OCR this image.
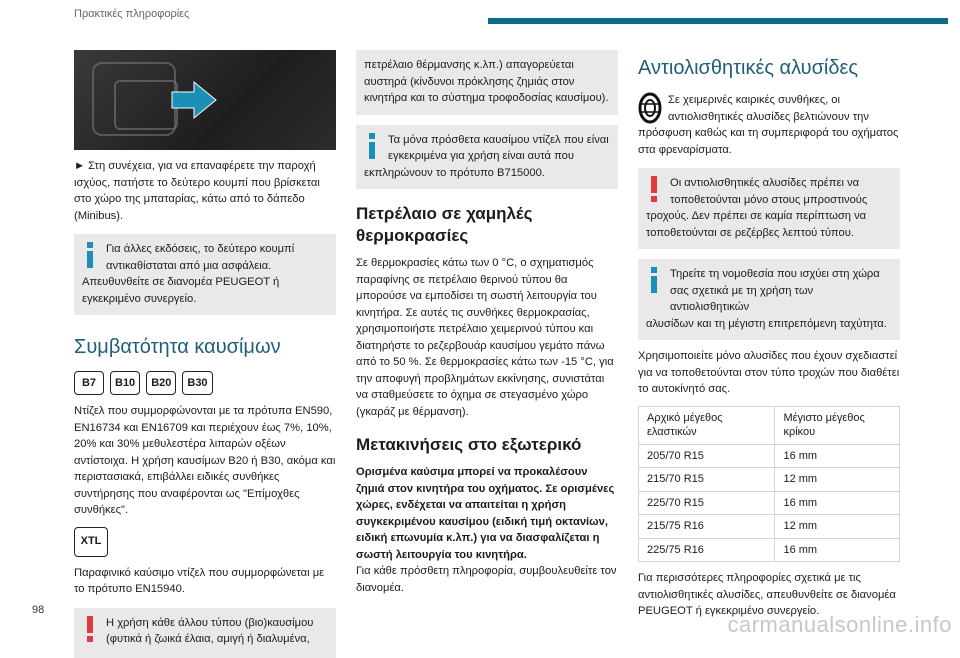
Πρακτικές πληροφορίες

► Στη συνέχεια, για να επαναφέρετε την παροχή ισχύος, πατήστε το δεύτερο κουμπί που βρίσκεται στο χώρο της μπαταρίας, κάτω από το δάπεδο (Minibus).

Για άλλες εκδόσεις, το δεύτερο κουμπί αντικαθίσταται από μια ασφάλεια.

Απευθυνθείτε σε διανομέα PEUGEOT ή εγκεκριμένο συνεργείο.

Συμβατότητα καυσίμων
B7	B10	B20	B30

Ντίζελ που συμμορφώνονται με τα πρότυπα EN590, EN16734 και EN16709 και περιέχουν έως 7%, 10%, 20% και 30% μεθυλεστέρα λιπαρών οξέων αντίστοιχα. Η χρήση καυσίμων B20 ή B30, ακόμα και περιστασιακά, επιβάλλει ειδικές συνθήκες συντήρησης που αναφέρονται ως "Επίμοχθες συνθήκες".

XTL

Παραφινικό καύσιμο ντίζελ που συμμορφώνεται με το πρότυπο EN15940.

Η χρήση κάθε άλλου τύπου (βιο)καυσίμου (φυτικά ή ζωικά έλαια, αμιγή ή διαλυμένα,

πετρέλαιο θέρμανσης κ.λπ.) απαγορεύεται αυστηρά (κίνδυνοι πρόκλησης ζημιάς στον κινητήρα και το σύστημα τροφοδοσίας καυσίμου).

Τα μόνα πρόσθετα καυσίμου ντίζελ που είναι εγκεκριμένα για χρήση είναι αυτά που

εκπληρώνουν το πρότυπο B715000.

Πετρέλαιο σε χαμηλές θερμοκρασίες

Σε θερμοκρασίες κάτω των 0 °C, ο σχηματισμός παραφίνης σε πετρέλαιο θερινού τύπου θα μπορούσε να εμποδίσει τη σωστή λειτουργία του κινητήρα. Σε αυτές τις συνθήκες θερμοκρασίας, χρησιμοποιήστε πετρέλαιο χειμερινού τύπου και διατηρήστε το ρεζερβουάρ καυσίμου γεμάτο πάνω από το 50 %. Σε θερμοκρασίες κάτω των -15 °C, για την αποφυγή προβλημάτων εκκίνησης, συνιστάται να σταθμεύσετε το όχημα σε στεγασμένο χώρο (γκαράζ με θέρμανση).

Μετακινήσεις στο εξωτερικό

Ορισμένα καύσιμα μπορεί να προκαλέσουν ζημιά στον κινητήρα του οχήματος. Σε ορισμένες χώρες, ενδέχεται να απαιτείται η χρήση συγκεκριμένου καυσίμου (ειδική τιμή οκτανίων, ειδική επωνυμία κ.λπ.) για να διασφαλίζεται η σωστή λειτουργία του κινητήρα.

Για κάθε πρόσθετη πληροφορία, συμβουλευθείτε τον διανομέα.

Αντιολισθητικές αλυσίδες

Σε χειμερινές καιρικές συνθήκες, οι αντιολισθητικές αλυσίδες βελτιώνουν την

πρόσφυση καθώς και τη συμπεριφορά του οχήματος στα φρεναρίσματα.

Οι αντιολισθητικές αλυσίδες πρέπει να τοποθετούνται μόνο στους μπροστινούς

τροχούς. Δεν πρέπει σε καμία περίπτωση να τοποθετούνται σε ρεζέρβες λεπτού τύπου.

Τηρείτε τη νομοθεσία που ισχύει στη χώρα σας σχετικά με τη χρήση των αντιολισθητικών

αλυσίδων και τη μέγιστη επιτρεπόμενη ταχύτητα.

Χρησιμοποιείτε μόνο αλυσίδες που έχουν σχεδιαστεί για να τοποθετούνται στον τύπο τροχών που διαθέτει το αυτοκίνητό σας.

Αρχικό μέγεθος ελαστικών	Μέγιστο μέγεθος κρίκου
205/70 R15	16 mm
215/70 R15	12 mm
225/70 R15	16 mm
215/75 R16	12 mm
225/75 R16	16 mm

Για περισσότερες πληροφορίες σχετικά με τις αντιολισθητικές αλυσίδες, απευθυνθείτε σε διανομέα PEUGEOT ή εγκεκριμένο συνεργείο.

98
carmanualsonline.info
